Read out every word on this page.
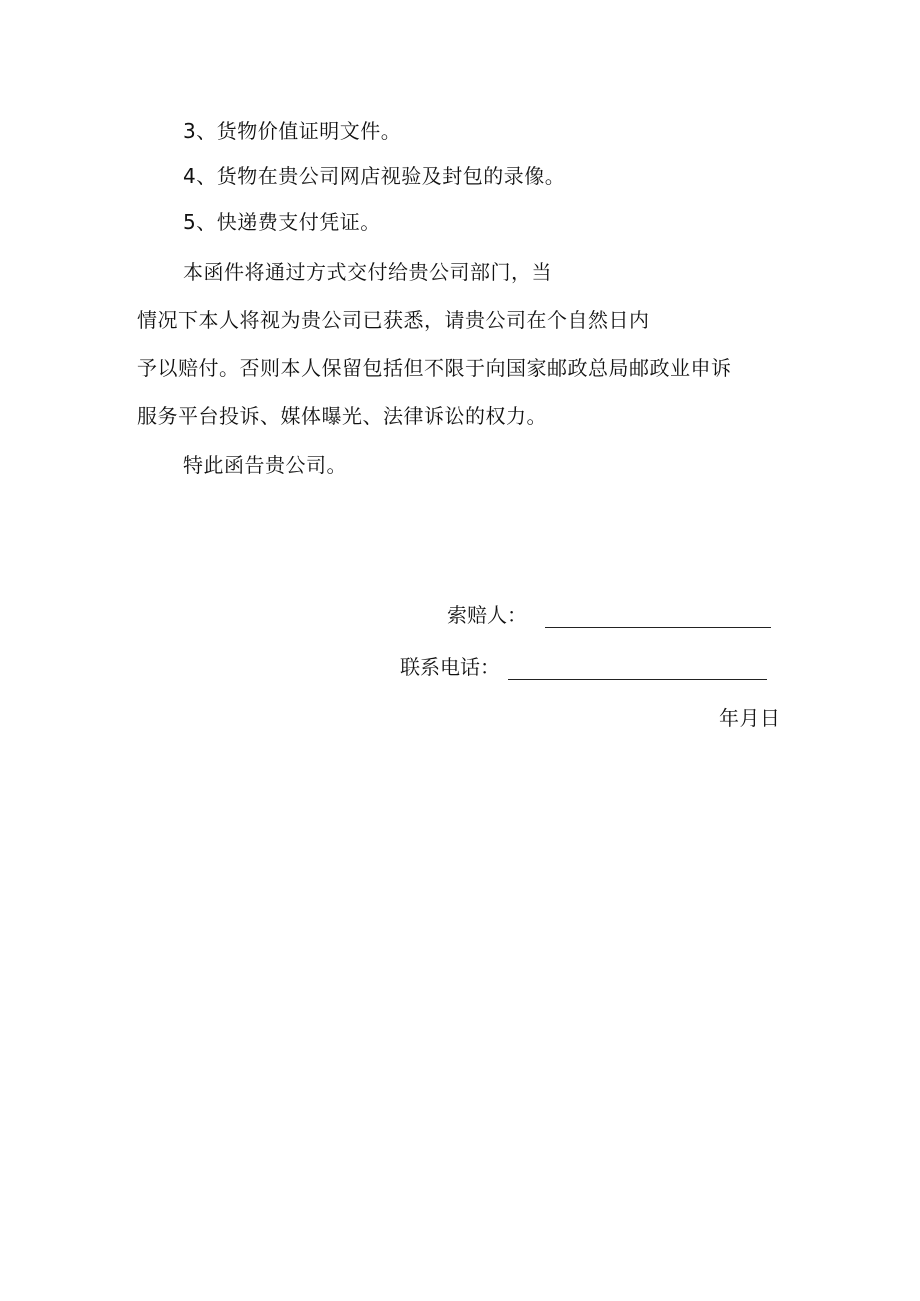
3、货物价值证明文件。
4、货物在贵公司网店视验及封包的录像。
5、快递费支付凭证。
本函件将通过方式交付给贵公司部门，当
情况下本人将视为贵公司已获悉，请贵公司在个自然日内
予以赔付。否则本人保留包括但不限于向国家邮政总局邮政业申诉
服务平台投诉、媒体曝光、法律诉讼的权力。
特此函告贵公司。
索赔人：
联系电话：
年月日
